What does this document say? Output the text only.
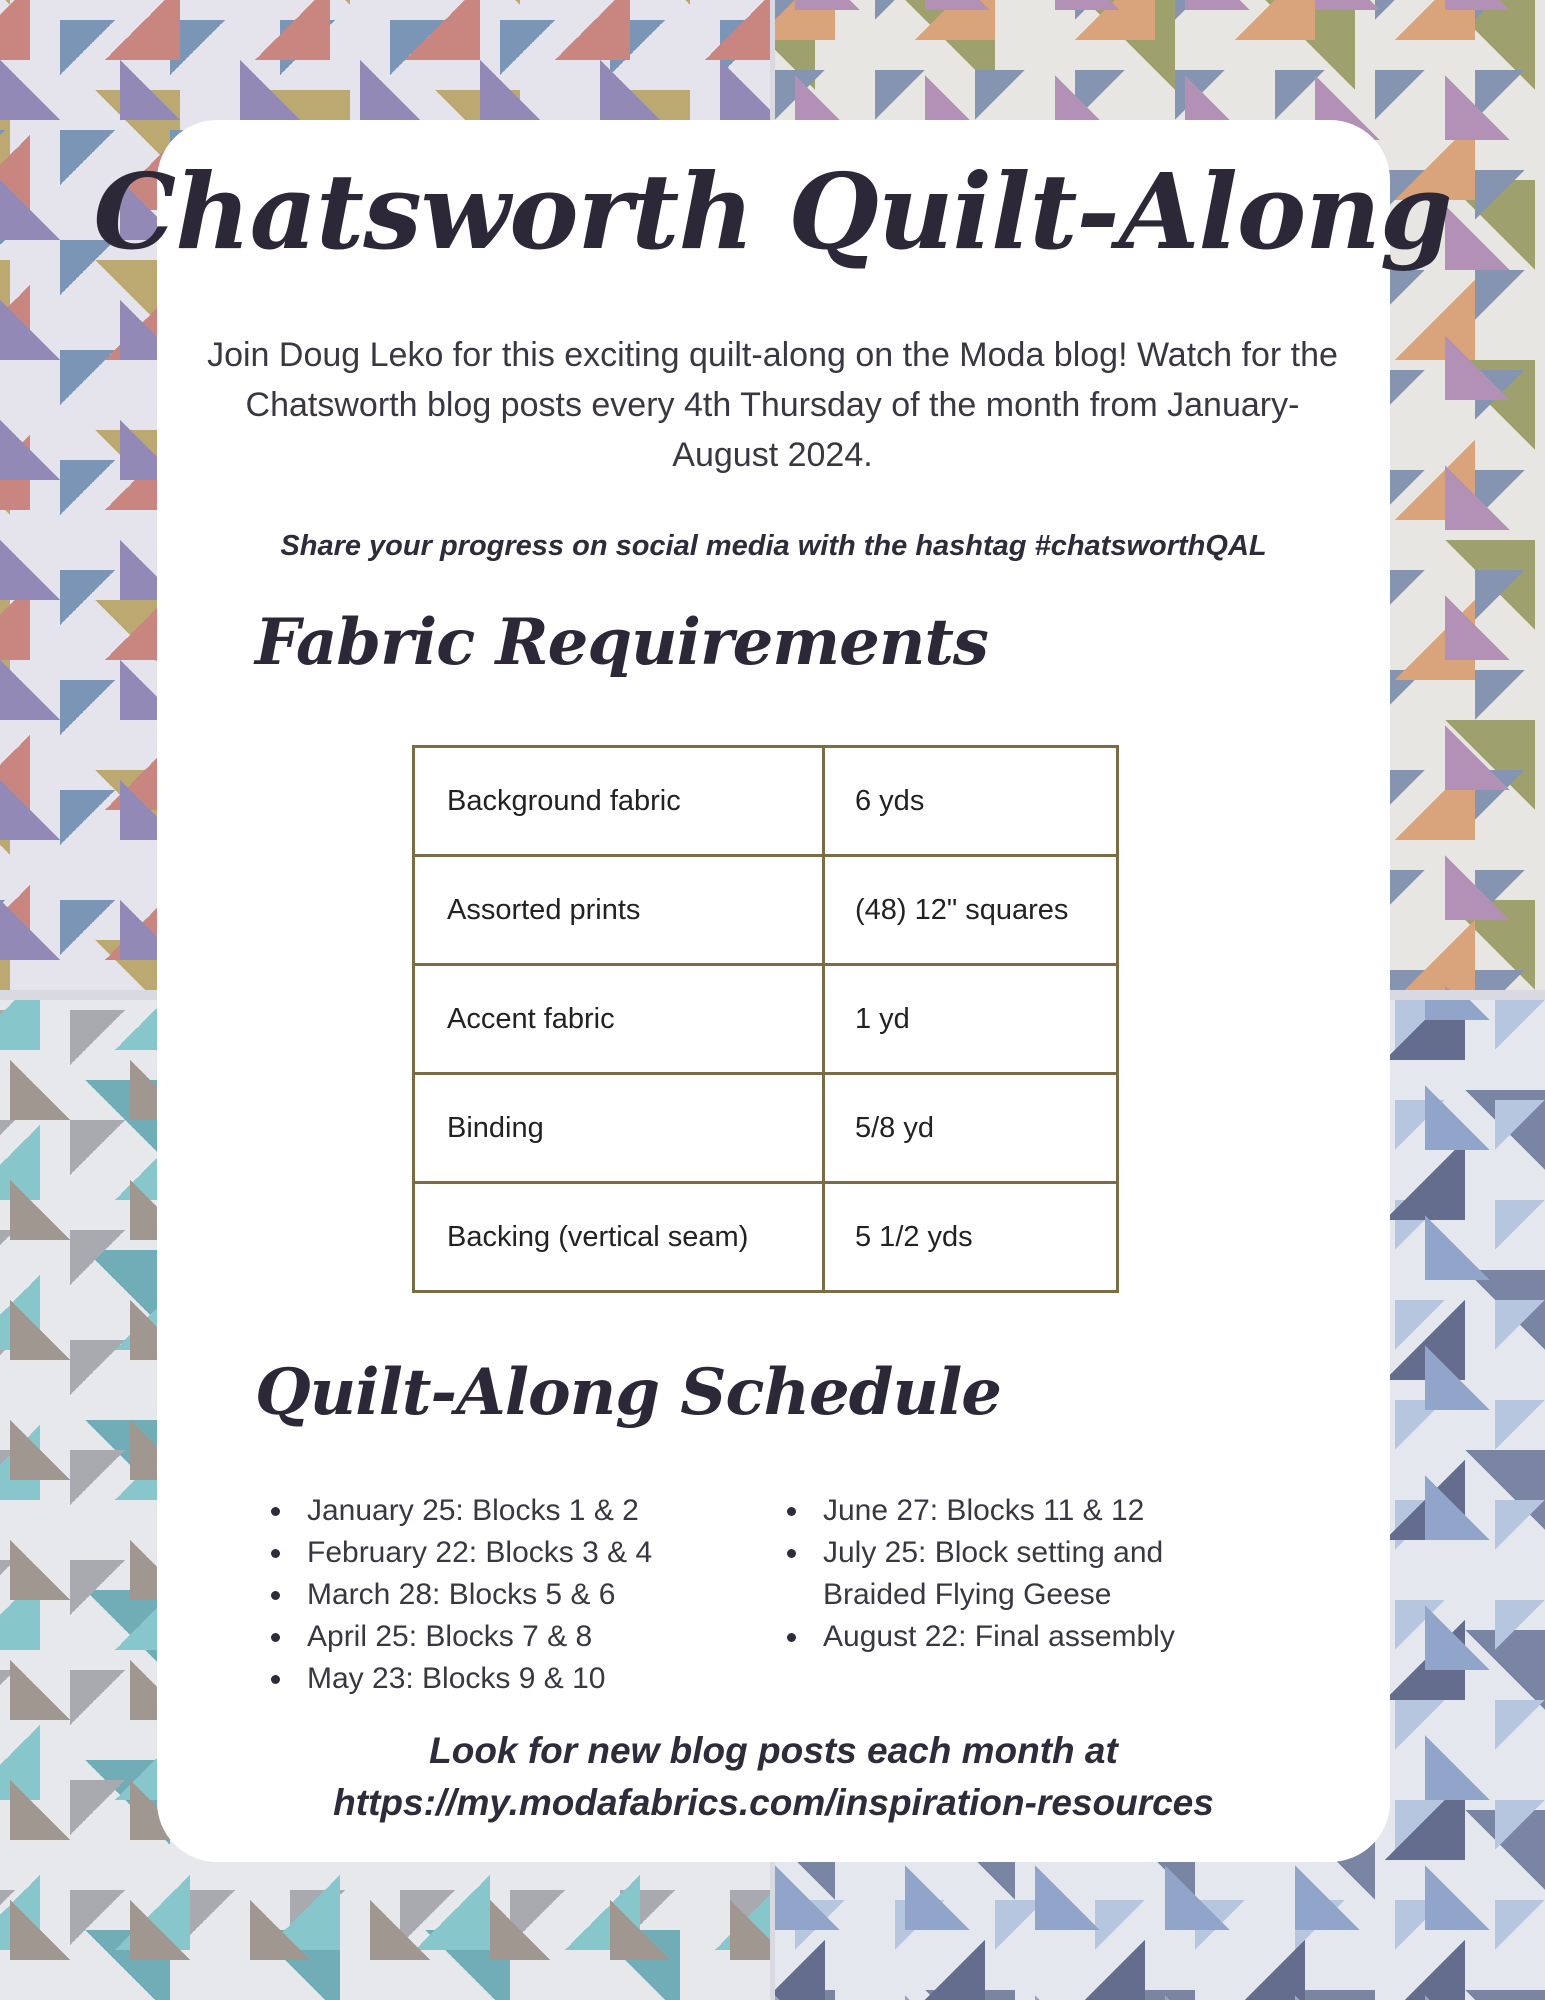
Chatsworth Quilt-Along

Join Doug Leko for this exciting quilt-along on the Moda blog! Watch for the Chatsworth blog posts every 4th Thursday of the month from January-August 2024.

Share your progress on social media with the hashtag #chatsworthQAL

Fabric Requirements
Background fabric	6 yds
Assorted prints	(48) 12" squares
Accent fabric	1 yd
Binding	5/8 yd
Backing (vertical seam)	5 1/2 yds
Quilt-Along Schedule
January 25: Blocks 1 & 2
February 22: Blocks 3 & 4
March 28: Blocks 5 & 6
April 25: Blocks 7 & 8
May 23: Blocks 9 & 10
June 27: Blocks 11 & 12
July 25: Block setting and Braided Flying Geese
August 22: Final assembly

Look for new blog posts each month at
https://my.modafabrics.com/inspiration-resources
